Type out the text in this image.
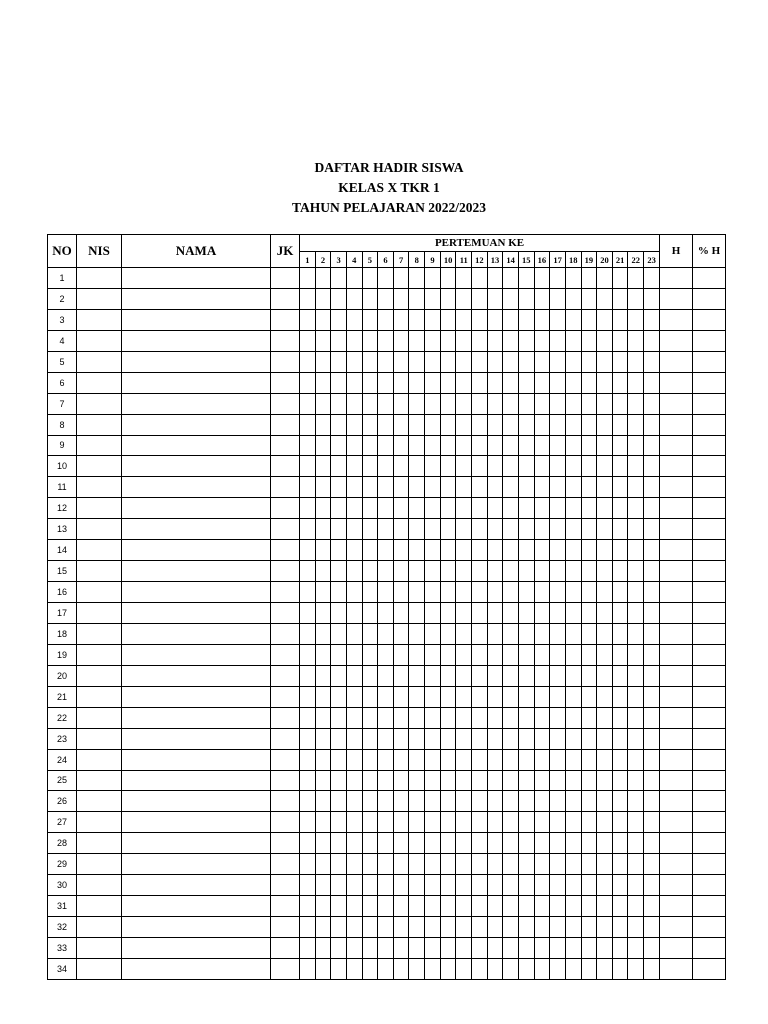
DAFTAR HADIR SISWA
KELAS X TKR 1
TAHUN PELAJARAN 2022/2023
NO	NIS	NAMA	JK	PERTEMUAN KE																							H	% H
				1	2	3	4	5	6	7	8	9	10	11	12	13	14	15	16	17	18	19	20	21	22	23		
1																												
2																												
3																												
4																												
5																												
6																												
7																												
8																												
9																												
10																												
11																												
12																												
13																												
14																												
15																												
16																												
17																												
18																												
19																												
20																												
21																												
22																												
23																												
24																												
25																												
26																												
27																												
28																												
29																												
30																												
31																												
32																												
33																												
34																												
